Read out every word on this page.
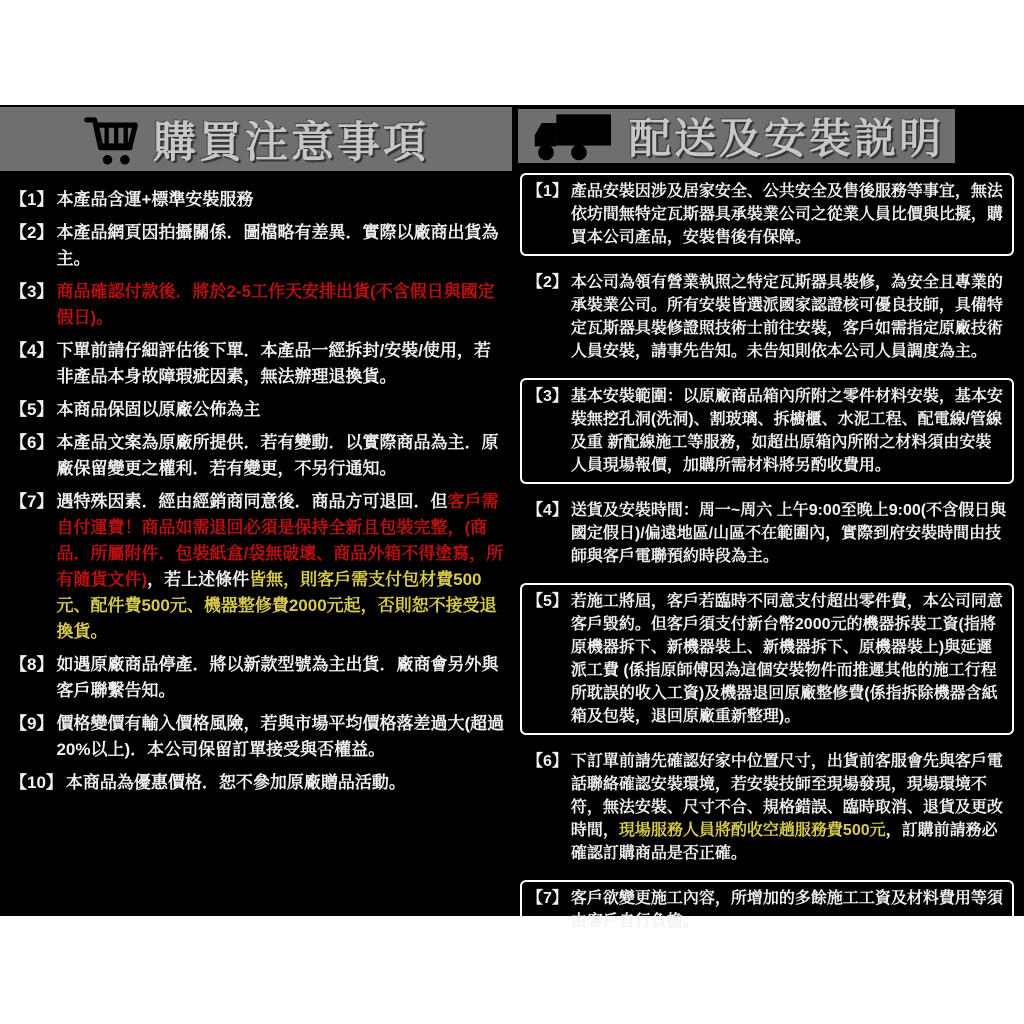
購買注意事項
【1】 本產品含運+標準安裝服務
【2】 本產品網頁因拍攝關係．圖檔略有差異．實際以廠商出貨為主。
【3】 商品確認付款後．將於2-5工作天安排出貨(不含假日與國定假日)。
【4】 下單前請仔細評估後下單．本產品一經拆封/安裝/使用，若非產品本身故障瑕疵因素，無法辦理退換貨。
【5】 本商品保固以原廠公佈為主
【6】 本產品文案為原廠所提供．若有變動．以實際商品為主．原廠保留變更之權利．若有變更，不另行通知。
【7】 遇特殊因素．經由經銷商同意後．商品方可退回．但客戶需自付運費！商品如需退回必須是保持全新且包裝完整，(商品．所屬附件．包裝紙盒/袋無破壞、商品外箱不得塗寫，所有隨貨文件)，若上述條件皆無，則客戶需支付包材費500元、配件費500元、機器整修費2000元起，否則恕不接受退換貨。
【8】 如遇原廠商品停產．將以新款型號為主出貨．廠商會另外與客戶聯繫告知。
【9】 價格變價有輸入價格風險，若與市場平均價格落差過大(超過20%以上)．本公司保留訂單接受與否權益。
【10】 本商品為優惠價格．恕不參加原廠贈品活動。
配送及安裝説明
【1】 產品安裝因涉及居家安全、公共安全及售後服務等事宜，無法依坊間無特定瓦斯器具承裝業公司之從業人員比價與比擬，購買本公司產品，安裝售後有保障。
【2】 本公司為領有營業執照之特定瓦斯器具裝修，為安全且專業的承裝業公司。所有安裝皆選派國家認證核可優良技師，具備特定瓦斯器具裝修證照技術士前往安裝，客戶如需指定原廠技術人員安裝，請事先告知。未告知則依本公司人員調度為主。
【3】 基本安裝範圍：以原廠商品箱內所附之零件材料安裝，基本安裝無挖孔洞(洗洞)、割玻璃、拆櫥櫃、水泥工程、配電線/管線及重 新配線施工等服務，如超出原箱內所附之材料須由安裝人員現場報價，加購所需材料將另酌收費用。
【4】 送貨及安裝時間：周一~周六 上午9:00至晚上9:00(不含假日與國定假日)/偏遠地區/山區不在範圍內，實際到府安裝時間由技師與客戶電聯預約時段為主。
【5】 若施工將屆，客戶若臨時不同意支付超出零件費，本公司同意客戶毀約。但客戶須支付新台幣2000元的機器拆裝工資(指將原機器拆下、新機器裝上、新機器拆下、原機器裝上)與延遲派工費 (係指原師傅因為這個安裝物件而推遲其他的施工行程所耽誤的收入工資)及機器退回原廠整修費(係指拆除機器含紙箱及包裝，退回原廠重新整理)。
【6】 下訂單前請先確認好家中位置尺寸，出貨前客服會先與客戶電話聯絡確認安裝環境，若安裝技師至現場發現，現場環境不符，無法安裝、尺寸不合、規格錯誤、臨時取消、退貨及更改時間，現場服務人員將酌收空趟服務費500元，訂購前請務必確認訂購商品是否正確。
【7】 客戶欲變更施工內容，所增加的多餘施工工資及材料費用等須由客戶自行負擔。
